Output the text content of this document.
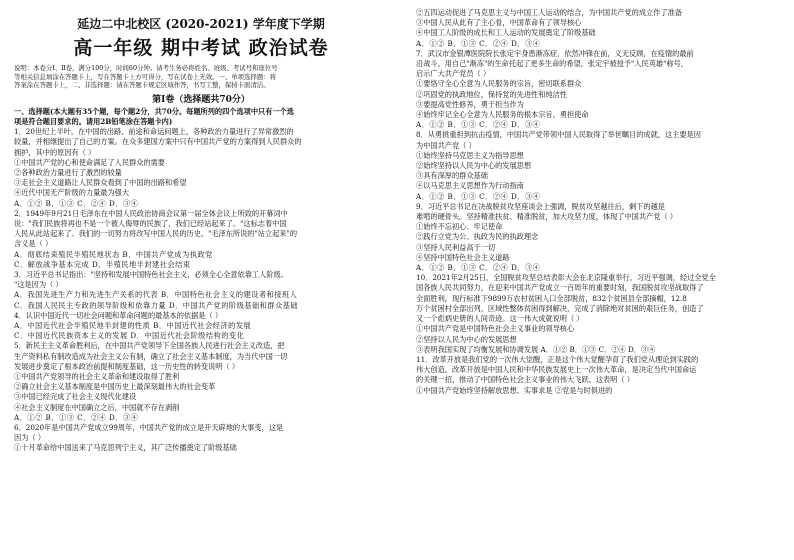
延边二中北校区 (2020-2021) 学年度下学期
高一年级 期中考试 政治试卷
说明：本卷分Ⅰ、Ⅱ卷，满分100分，时间60分钟。请考生务必将姓名、班级、考试号和座位号
等相关信息填涂在答题卡上，写在答题卡上方可得分，写在试卷上无效。一、单项选择题：将
答案涂在答题卡上，二、非选择题：请在答题卡规定区域作答，书写工整，保持卡面清洁。
第Ⅰ卷（选择题共70分）
一、选择题(本大题有35个题，每个题2分，共70分。每题所列的四个选项中只有一个选
项是符合题目要求的。请用2B铅笔涂在答题卡内)
1．20世纪上半叶，在中国的出路、前途和命运问题上，各种政治力量进行了异常激烈的
较量，并相继提出了自己的方案。在众多建国方案中只有中国共产党的方案得到人民群众的
拥护，其中的原因有（ ）
①中国共产党的心和使命满足了人民群众的需要
②各种政治力量进行了激烈的较量
③走社会主义道路让人民群众看到了中国的出路和希望
④近代中国无产阶级的力量最为强大
A．①② B．①③ C．②④ D．③④
2．1949年9月21日毛泽东在中国人民政治协商会议第一届全体会议上所致的开幕词中
说："我们民族将再也不是一个被人侮辱的民族了，我们已经站起来了。"这标志着中国
人民从此站起来了。我们的一切努力将改写中国人民的历史。"毛泽东所说的"站立起来"的
含义是（ ）
A．彻底结束殖民半殖民地状态 B．中国共产党成为执政党
C．解放战争基本完成 D．半殖民地半封建社会结束
3．习近平总书记指出："坚持和发展中国特色社会主义，必须全心全意依靠工人阶级。
"这是因为（ ）
A．我国先进生产力和先进生产关系的代表 B．中国特色社会主义的建设者和接班人
C．我国人民民主专政的领导阶级和依靠力量 D．中国共产党的阶级基础和群众基础
4．认识中国近代一切社会问题和革命问题的最基本的依据是（ ）
A．中国近代社会半殖民地半封建的性质 B．中国近代社会经济的发展
C．中国近代民族资本主义的发展 D．中国近代社会阶级结构的变化
5．新民主主义革命胜利后，在中国共产党领导下全国各族人民进行社会主义改造，把
生产资料私有制改造成为社会主义公有制，确立了社会主义基本制度，为当代中国一切
发展进步奠定了根本政治前提和制度基础，这一历史性的转变说明（ ）
①中国共产党领导的社会主义革命和建设取得了胜利
②确立社会主义基本制度是中国历史上最深刻最伟大的社会变革
③中国已经完成了社会主义现代化建设
④社会主义制度在中国确立之后，中国就不存在剥削
A．①② B．①③ C．②④ D．③④
6．2020年是中国共产党成立99周年，中国共产党的成立是开天辟地的大事变，这是
因为（ ）
①十月革命给中国送来了马克思列宁主义，其广泛传播奠定了阶级基础
②五四运动促进了马克思主义与中国工人运动的结合，为中国共产党的成立作了准备
③中国人民从此有了主心骨，中国革命有了领导核心
④中国工人阶级的成长和工人运动的发展奠定了阶级基础
A．①② B．①③ C．②④ D．③④
7．武汉市金银潭医院院长张定宇身患渐冻症，依然冲锋在前，义无反顾，在疫情的最前
沿战斗，用自己"渐冻"的生命托起了更多生命的希望，张定宇被授予"人民英雄"称号，
启示广大共产党员（ ）
①要恪守全心全意为人民服务的宗旨，密切联系群众
②巩固党的执政地位，保持党的先进性和纯洁性
③要提高党性修养，勇于担当作为
④始终牢记全心全意为人民服务的根本宗旨，勇担使命
A．①② B．①③ C．②④ D．③④
8．从勇挑重担到抗击疫情，中国共产党带领中国人民取得了举世瞩目的成就，这主要是因
为中国共产党（ ）
①始终坚持马克思主义为指导思想
②始终坚持以人民为中心的发展思想
③具有深厚的群众基础
④以马克思主义思想作为行动指南
A．①② B．①③ C．②④ D．③④
9．习近平总书记在决战脱贫攻坚座谈会上强调，脱贫攻坚越往后，剩下的越是
难啃的硬骨头。坚持精准扶贫、精准脱贫，加大攻坚力度，体现了中国共产党（ ）
①始终不忘初心、牢记使命
②践行立党为公、执政为民的执政理念
③坚持人民利益高于一切
④坚持中国特色社会主义道路
A．①② B．①③ C．②④ D．③④
10．2021年2月25日，全国脱贫攻坚总结表彰大会在北京隆重举行。习近平强调，经过全党全
国各族人民共同努力，在迎来中国共产党成立一百周年的重要时刻，我国脱贫攻坚战取得了
全面胜利，现行标准下9899万农村贫困人口全部脱贫，832个贫困县全部摘帽，12.8
万个贫困村全部出列，区域性整体贫困得到解决，完成了消除绝对贫困的艰巨任务，创造了
又一个彪炳史册的人间奇迹。这一伟大成就说明（ ）
①中国共产党是中国特色社会主义事业的领导核心
②坚持以人民为中心的发展思想
③表明我国实现了均衡发展和协调发展 A．①② B．①③ C．②④ D．③④
11．改革开放是我们党的一次伟大觉醒，正是这个伟大觉醒孕育了我们党从理论到实践的
伟大创造。改革开放是中国人民和中华民族发展史上一次伟大革命，是决定当代中国命运
的关键一招，推动了中国特色社会主义事业的伟大飞跃。这表明（ ）
①中国共产党始终坚持解放思想、实事求是 ②党是与时俱进的
